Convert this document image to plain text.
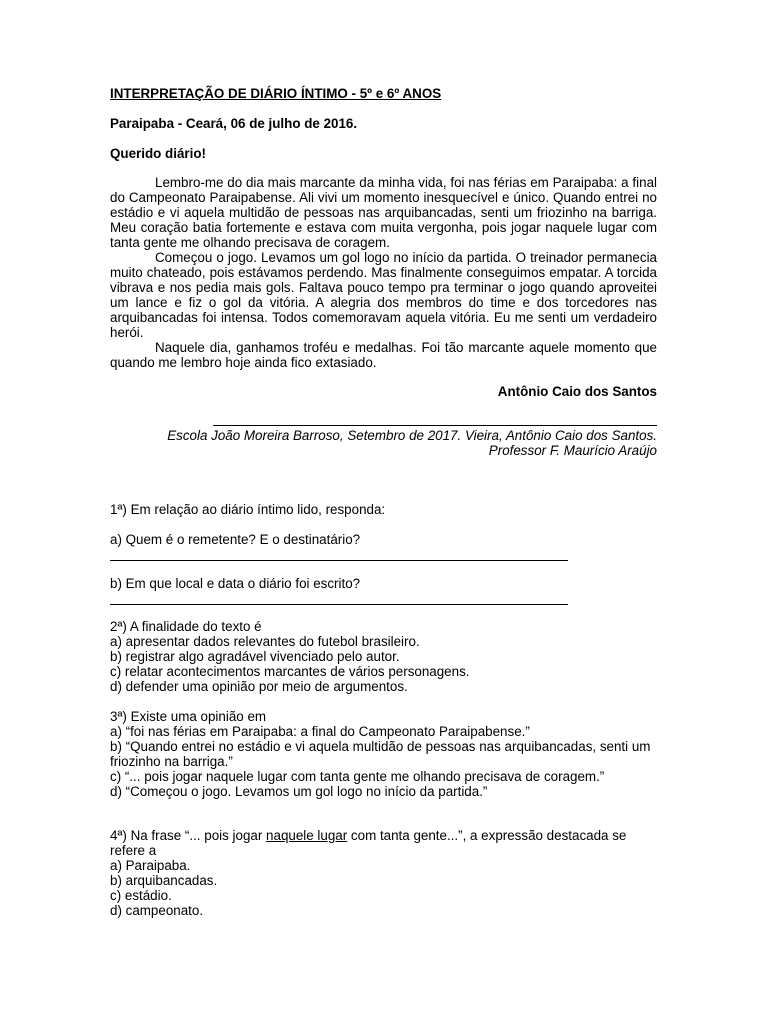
INTERPRETAÇÃO DE DIÁRIO ÍNTIMO - 5º e 6º ANOS
Paraipaba - Ceará, 06 de julho de 2016.
Querido diário!

Lembro-me do dia mais marcante da minha vida, foi nas férias em Paraipaba: a final do Campeonato Paraipabense. Ali vivi um momento inesquecível e único. Quando entrei no estádio e vi aquela multidão de pessoas nas arquibancadas, senti um friozinho na barriga. Meu coração batia fortemente e estava com muita vergonha, pois jogar naquele lugar com tanta gente me olhando precisava de coragem.

Começou o jogo. Levamos um gol logo no início da partida. O treinador permanecia muito chateado, pois estávamos perdendo. Mas finalmente conseguimos empatar. A torcida vibrava e nos pedia mais gols. Faltava pouco tempo pra terminar o jogo quando aproveitei um lance e fiz o gol da vitória. A alegria dos membros do time e dos torcedores nas arquibancadas foi intensa. Todos comemoravam aquela vitória. Eu me senti um verdadeiro herói.

Naquele dia, ganhamos troféu e medalhas. Foi tão marcante aquele momento que quando me lembro hoje ainda fico extasiado.

Antônio Caio dos Santos
Escola João Moreira Barroso, Setembro de 2017. Vieira, Antônio Caio dos Santos. Professor F. Maurício Araújo
1ª) Em relação ao diário íntimo lido, responda:
a) Quem é o remetente? E o destinatário?
b) Em que local e data o diário foi escrito?
2ª) A finalidade do texto é
a) apresentar dados relevantes do futebol brasileiro.
b) registrar algo agradável vivenciado pelo autor.
c) relatar acontecimentos marcantes de vários personagens.
d) defender uma opinião por meio de argumentos.
3ª) Existe uma opinião em
a) “foi nas férias em Paraipaba: a final do Campeonato Paraipabense.”
b) “Quando entrei no estádio e vi aquela multidão de pessoas nas arquibancadas, senti um friozinho na barriga.”
c) “... pois jogar naquele lugar com tanta gente me olhando precisava de coragem.”
d) “Começou o jogo. Levamos um gol logo no início da partida.”
4ª) Na frase “... pois jogar naquele lugar com tanta gente...”, a expressão destacada se refere a
a) Paraipaba.
b) arquibancadas.
c) estádio.
d) campeonato.
